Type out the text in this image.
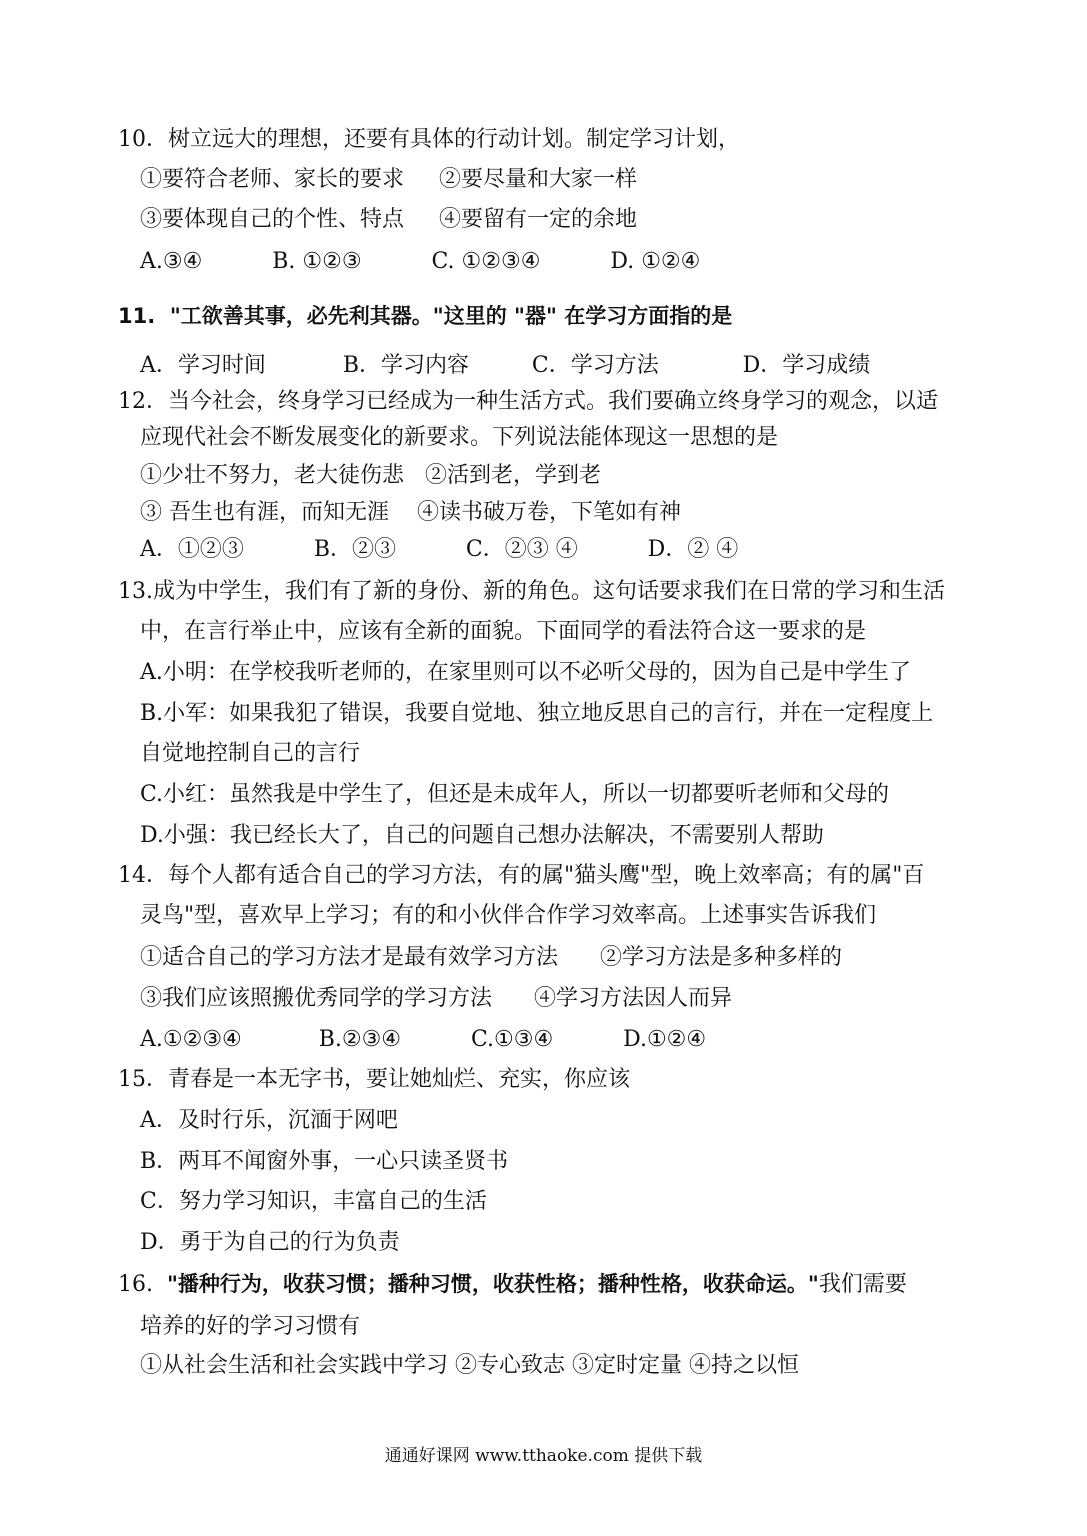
10．树立远大的理想，还要有具体的行动计划。制定学习计划，
①要符合老师、家长的要求     ②要尽量和大家一样
③要体现自己的个性、特点     ④要留有一定的余地
A.③④          B. ①②③          C. ①②③④          D. ①②④
11.  "工欲善其事，必先利其器。"这里的 "器" 在学习方面指的是
A．学习时间           B．学习内容         C．学习方法            D．学习成绩
12．当今社会，终身学习已经成为一种生活方式。我们要确立终身学习的观念，以适
应现代社会不断发展变化的新要求。下列说法能体现这一思想的是
①少壮不努力，老大徒伤悲   ②活到老，学到老
③ 吾生也有涯，而知无涯    ④读书破万卷，下笔如有神
A．①②③          B．②③          C．②③ ④          D．② ④
13.成为中学生，我们有了新的身份、新的角色。这句话要求我们在日常的学习和生活
中，在言行举止中，应该有全新的面貌。下面同学的看法符合这一要求的是
A.小明：在学校我听老师的，在家里则可以不必听父母的，因为自己是中学生了
B.小军：如果我犯了错误，我要自觉地、独立地反思自己的言行，并在一定程度上
自觉地控制自己的言行
C.小红：虽然我是中学生了，但还是未成年人，所以一切都要听老师和父母的
D.小强：我已经长大了，自己的问题自己想办法解决，不需要别人帮助
14．每个人都有适合自己的学习方法，有的属"猫头鹰"型，晚上效率高；有的属"百
灵鸟"型，喜欢早上学习；有的和小伙伴合作学习效率高。上述事实告诉我们
①适合自己的学习方法才是最有效学习方法      ②学习方法是多种多样的
③我们应该照搬优秀同学的学习方法      ④学习方法因人而异
A.①②③④           B.②③④          C.①③④          D.①②④
15．青春是一本无字书，要让她灿烂、充实，你应该
A．及时行乐，沉湎于网吧
B．两耳不闻窗外事，一心只读圣贤书
C．努力学习知识，丰富自己的生活
D．勇于为自己的行为负责
16.  "播种行为，收获习惯；播种习惯，收获性格；播种性格，收获命运。"我们需要
培养的好的学习习惯有
①从社会生活和社会实践中学习 ②专心致志 ③定时定量 ④持之以恒
通通好课网 www.tthaoke.com 提供下载
